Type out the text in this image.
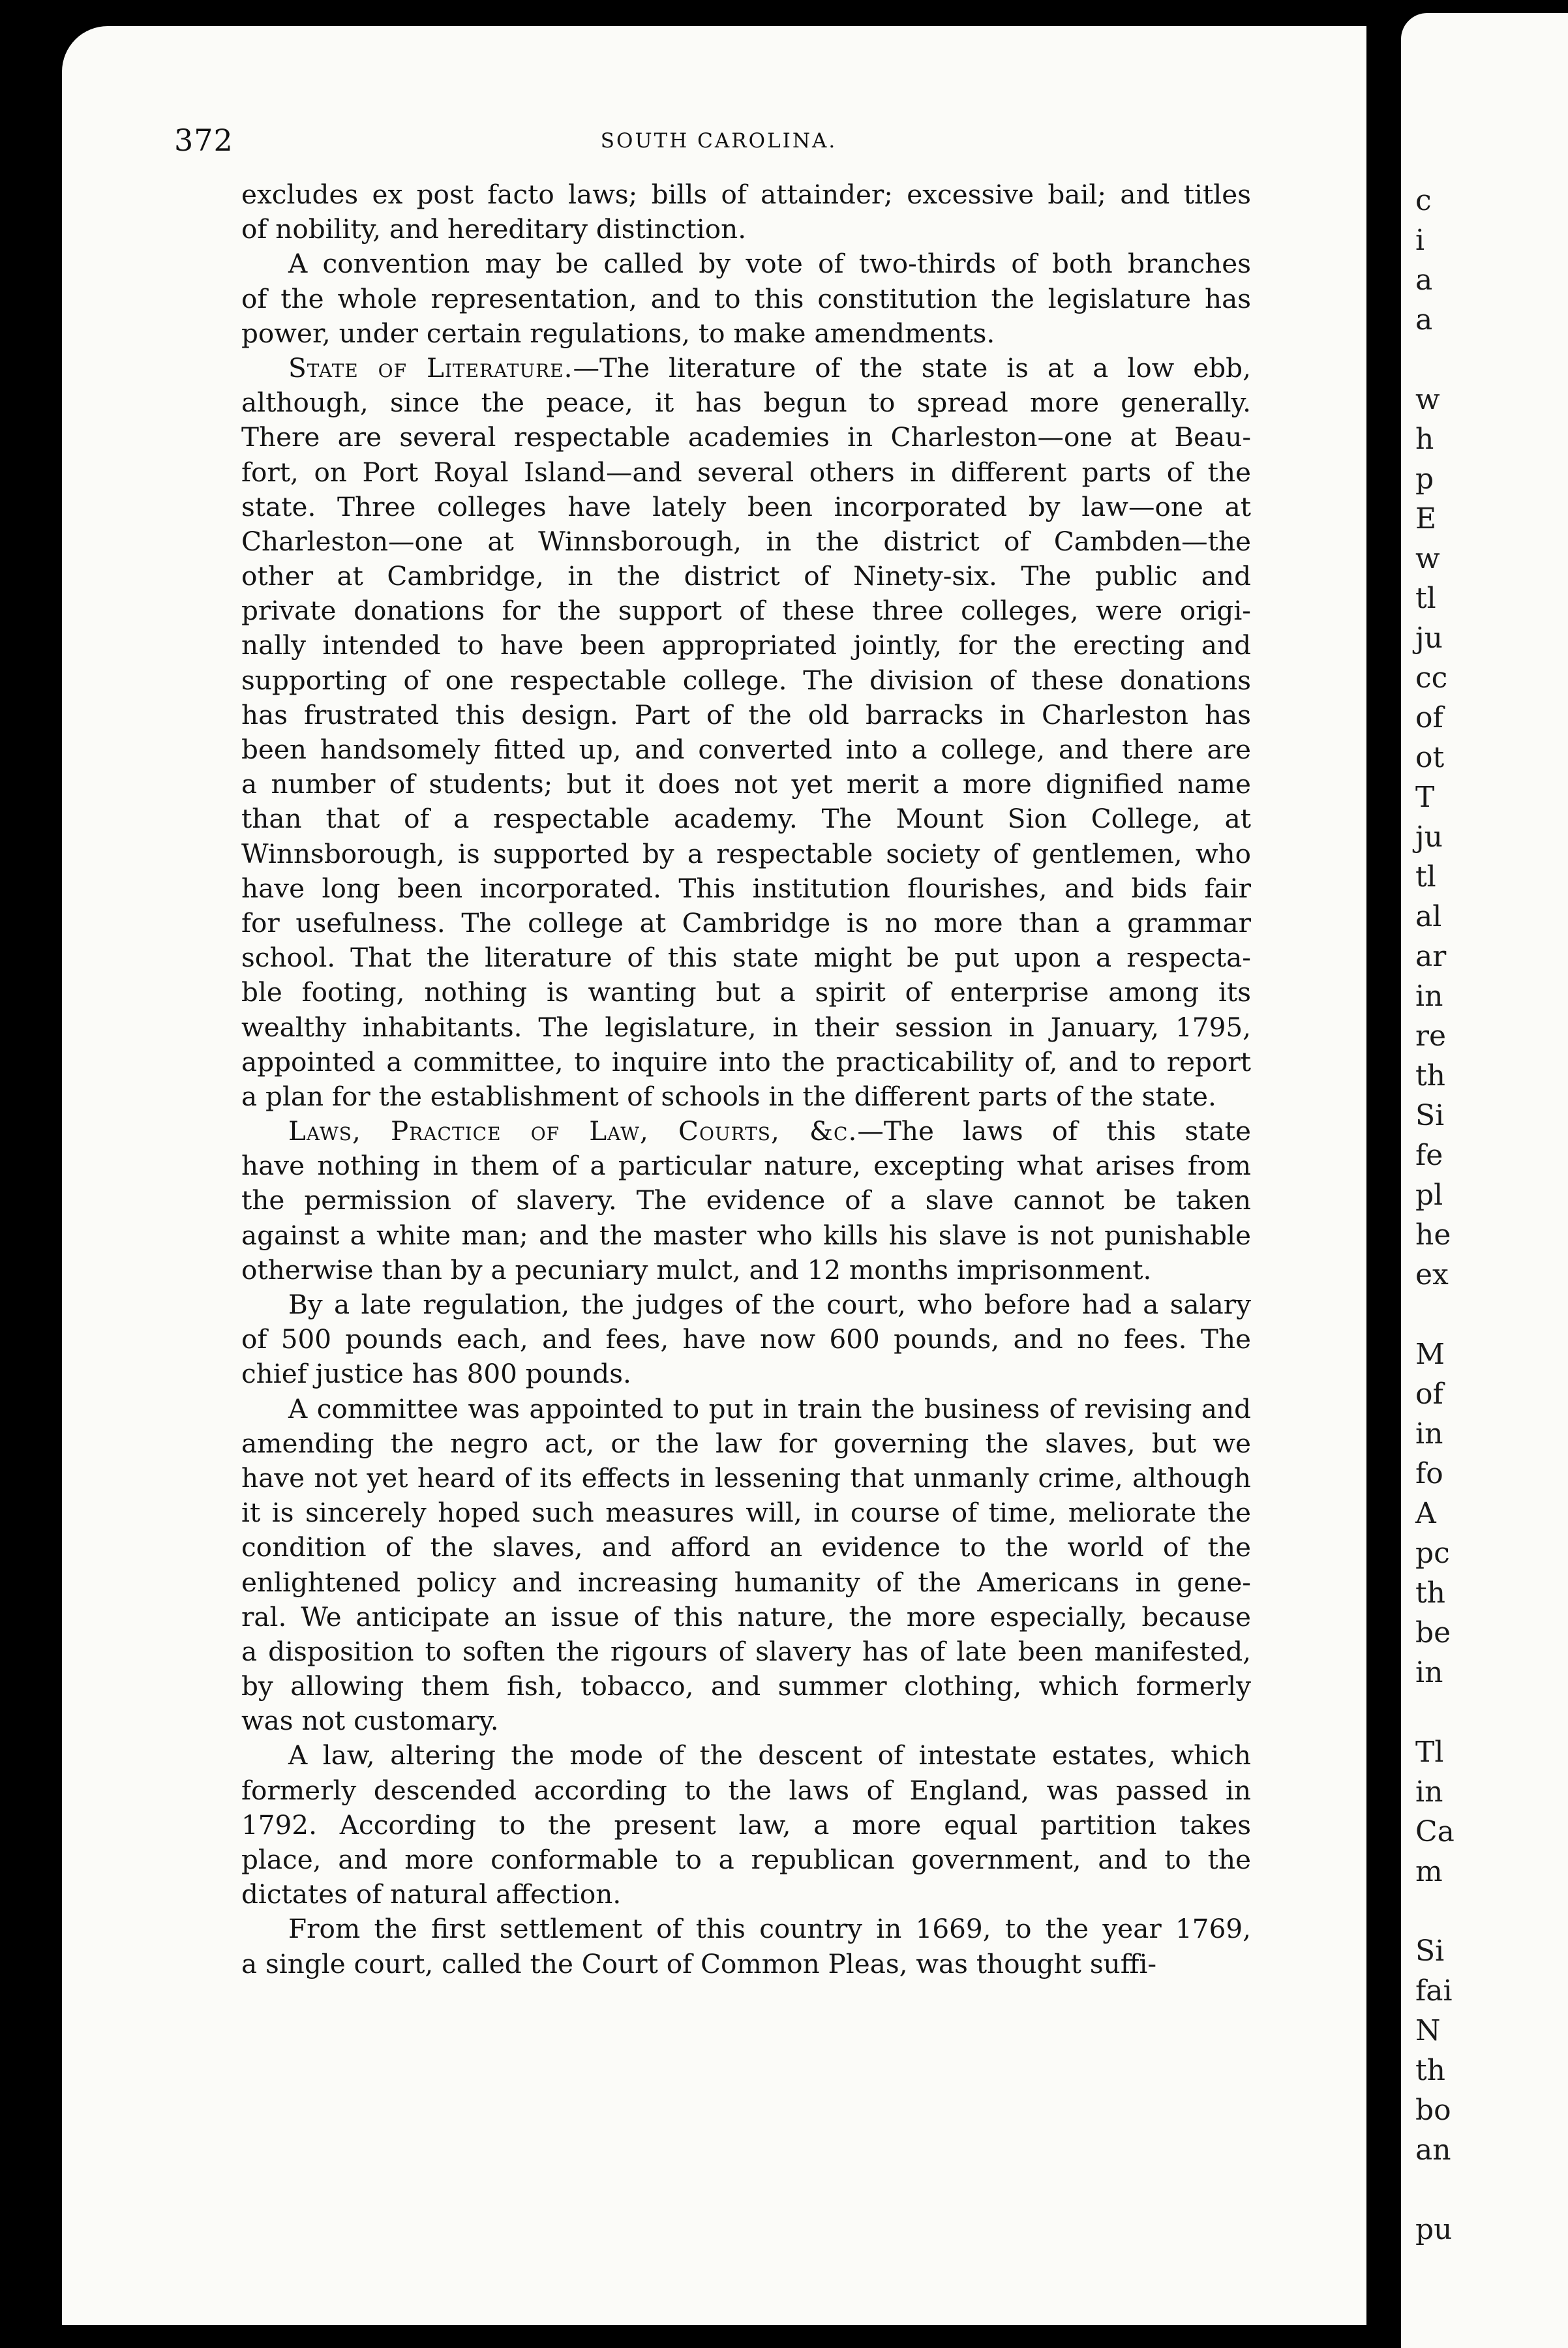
372	SOUTH CAROLINA.
excludes ex post facto laws; bills of attainder; excessive bail; and titles
of nobility, and hereditary distinction.
A convention may be called by vote of two-thirds of both branches
of the whole representation, and to this constitution the legislature has
power, under certain regulations, to make amendments.
State of Literature.—The literature of the state is at a low ebb,
although, since the peace, it has begun to spread more generally.
There are several respectable academies in Charleston—one at Beau-
fort, on Port Royal Island—and several others in different parts of the
state. Three colleges have lately been incorporated by law—one at
Charleston—one at Winnsborough, in the district of Cambden—the
other at Cambridge, in the district of Ninety-six. The public and
private donations for the support of these three colleges, were origi-
nally intended to have been appropriated jointly, for the erecting and
supporting of one respectable college. The division of these donations
has frustrated this design. Part of the old barracks in Charleston has
been handsomely fitted up, and converted into a college, and there are
a number of students; but it does not yet merit a more dignified name
than that of a respectable academy. The Mount Sion College, at
Winnsborough, is supported by a respectable society of gentlemen, who
have long been incorporated. This institution flourishes, and bids fair
for usefulness. The college at Cambridge is no more than a grammar
school. That the literature of this state might be put upon a respecta-
ble footing, nothing is wanting but a spirit of enterprise among its
wealthy inhabitants. The legislature, in their session in January, 1795,
appointed a committee, to inquire into the practicability of, and to report
a plan for the establishment of schools in the different parts of the state.
Laws, Practice of Law, Courts, &c.—The laws of this state
have nothing in them of a particular nature, excepting what arises from
the permission of slavery. The evidence of a slave cannot be taken
against a white man; and the master who kills his slave is not punishable
otherwise than by a pecuniary mulct, and 12 months imprisonment.
By a late regulation, the judges of the court, who before had a salary
of 500 pounds each, and fees, have now 600 pounds, and no fees. The
chief justice has 800 pounds.
A committee was appointed to put in train the business of revising and
amending the negro act, or the law for governing the slaves, but we
have not yet heard of its effects in lessening that unmanly crime, although
it is sincerely hoped such measures will, in course of time, meliorate the
condition of the slaves, and afford an evidence to the world of the
enlightened policy and increasing humanity of the Americans in gene-
ral. We anticipate an issue of this nature, the more especially, because
a disposition to soften the rigours of slavery has of late been manifested,
by allowing them fish, tobacco, and summer clothing, which formerly
was not customary.
A law, altering the mode of the descent of intestate estates, which
formerly descended according to the laws of England, was passed in
1792. According to the present law, a more equal partition takes
place, and more conformable to a republican government, and to the
dictates of natural affection.
From the first settlement of this country in 1669, to the year 1769,
a single court, called the Court of Common Pleas, was thought suffi-
c
i
a
a
w
h
p
E
w
tl
ju
cc
of
ot
T
ju
tl
al
ar
in
re
th
Si
fe
pl
he
ex
M
of
in
fo
A
pc
th
be
in
Tl
in
Ca
m
Si
fai
N
th
bo
an
pu
